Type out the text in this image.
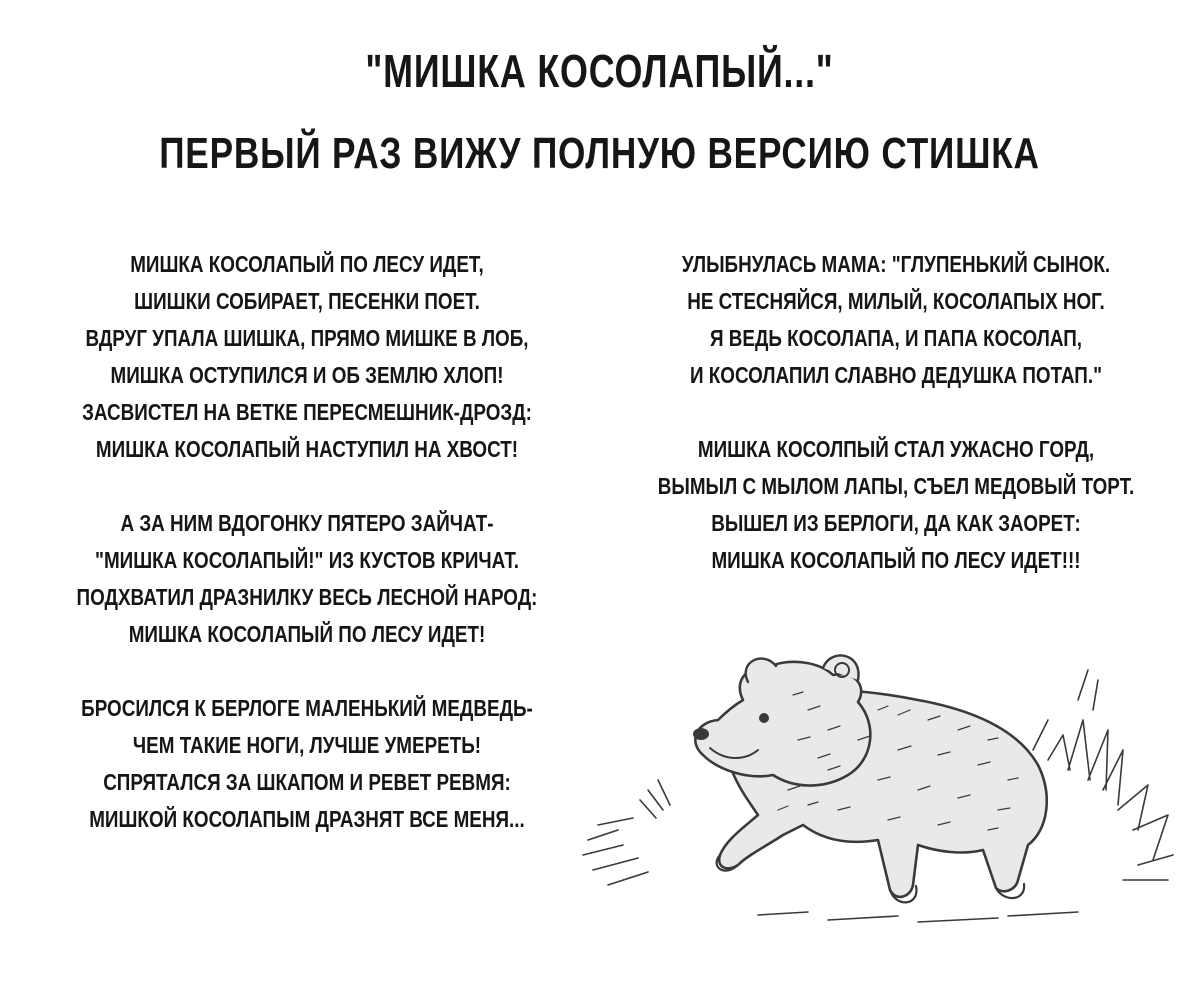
"МИШКА КОСОЛАПЫЙ..."
ПЕРВЫЙ РАЗ ВИЖУ ПОЛНУЮ ВЕРСИЮ СТИШКА

МИШКА КОСОЛАПЫЙ ПО ЛЕСУ ИДЕТ,
ШИШКИ СОБИРАЕТ, ПЕСЕНКИ ПОЕТ.
ВДРУГ УПАЛА ШИШКА, ПРЯМО МИШКЕ В ЛОБ,
МИШКА ОСТУПИЛСЯ И ОБ ЗЕМЛЮ ХЛОП!
ЗАСВИСТЕЛ НА ВЕТКЕ ПЕРЕСМЕШНИК-ДРОЗД:
МИШКА КОСОЛАПЫЙ НАСТУПИЛ НА ХВОСТ!

А ЗА НИМ ВДОГОНКУ ПЯТЕРО ЗАЙЧАТ-
"МИШКА КОСОЛАПЫЙ!" ИЗ КУСТОВ КРИЧАТ.
ПОДХВАТИЛ ДРАЗНИЛКУ ВЕСЬ ЛЕСНОЙ НАРОД:
МИШКА КОСОЛАПЫЙ ПО ЛЕСУ ИДЕТ!

БРОСИЛСЯ К БЕРЛОГЕ МАЛЕНЬКИЙ МЕДВЕДЬ-
ЧЕМ ТАКИЕ НОГИ, ЛУЧШЕ УМЕРЕТЬ!
СПРЯТАЛСЯ ЗА ШКАПОМ И РЕВЕТ РЕВМЯ:
МИШКОЙ КОСОЛАПЫМ ДРАЗНЯТ ВСЕ МЕНЯ...

УЛЫБНУЛАСЬ МАМА: "ГЛУПЕНЬКИЙ СЫНОК.
НЕ СТЕСНЯЙСЯ, МИЛЫЙ, КОСОЛАПЫХ НОГ.
Я ВЕДЬ КОСОЛАПА, И ПАПА КОСОЛАП,
И КОСОЛАПИЛ СЛАВНО ДЕДУШКА ПОТАП."

МИШКА КОСОЛПЫЙ СТАЛ УЖАСНО ГОРД,
ВЫМЫЛ С МЫЛОМ ЛАПЫ, СЪЕЛ МЕДОВЫЙ ТОРТ.
ВЫШЕЛ ИЗ БЕРЛОГИ, ДА КАК ЗАОРЕТ:
МИШКА КОСОЛАПЫЙ ПО ЛЕСУ ИДЕТ!!!
